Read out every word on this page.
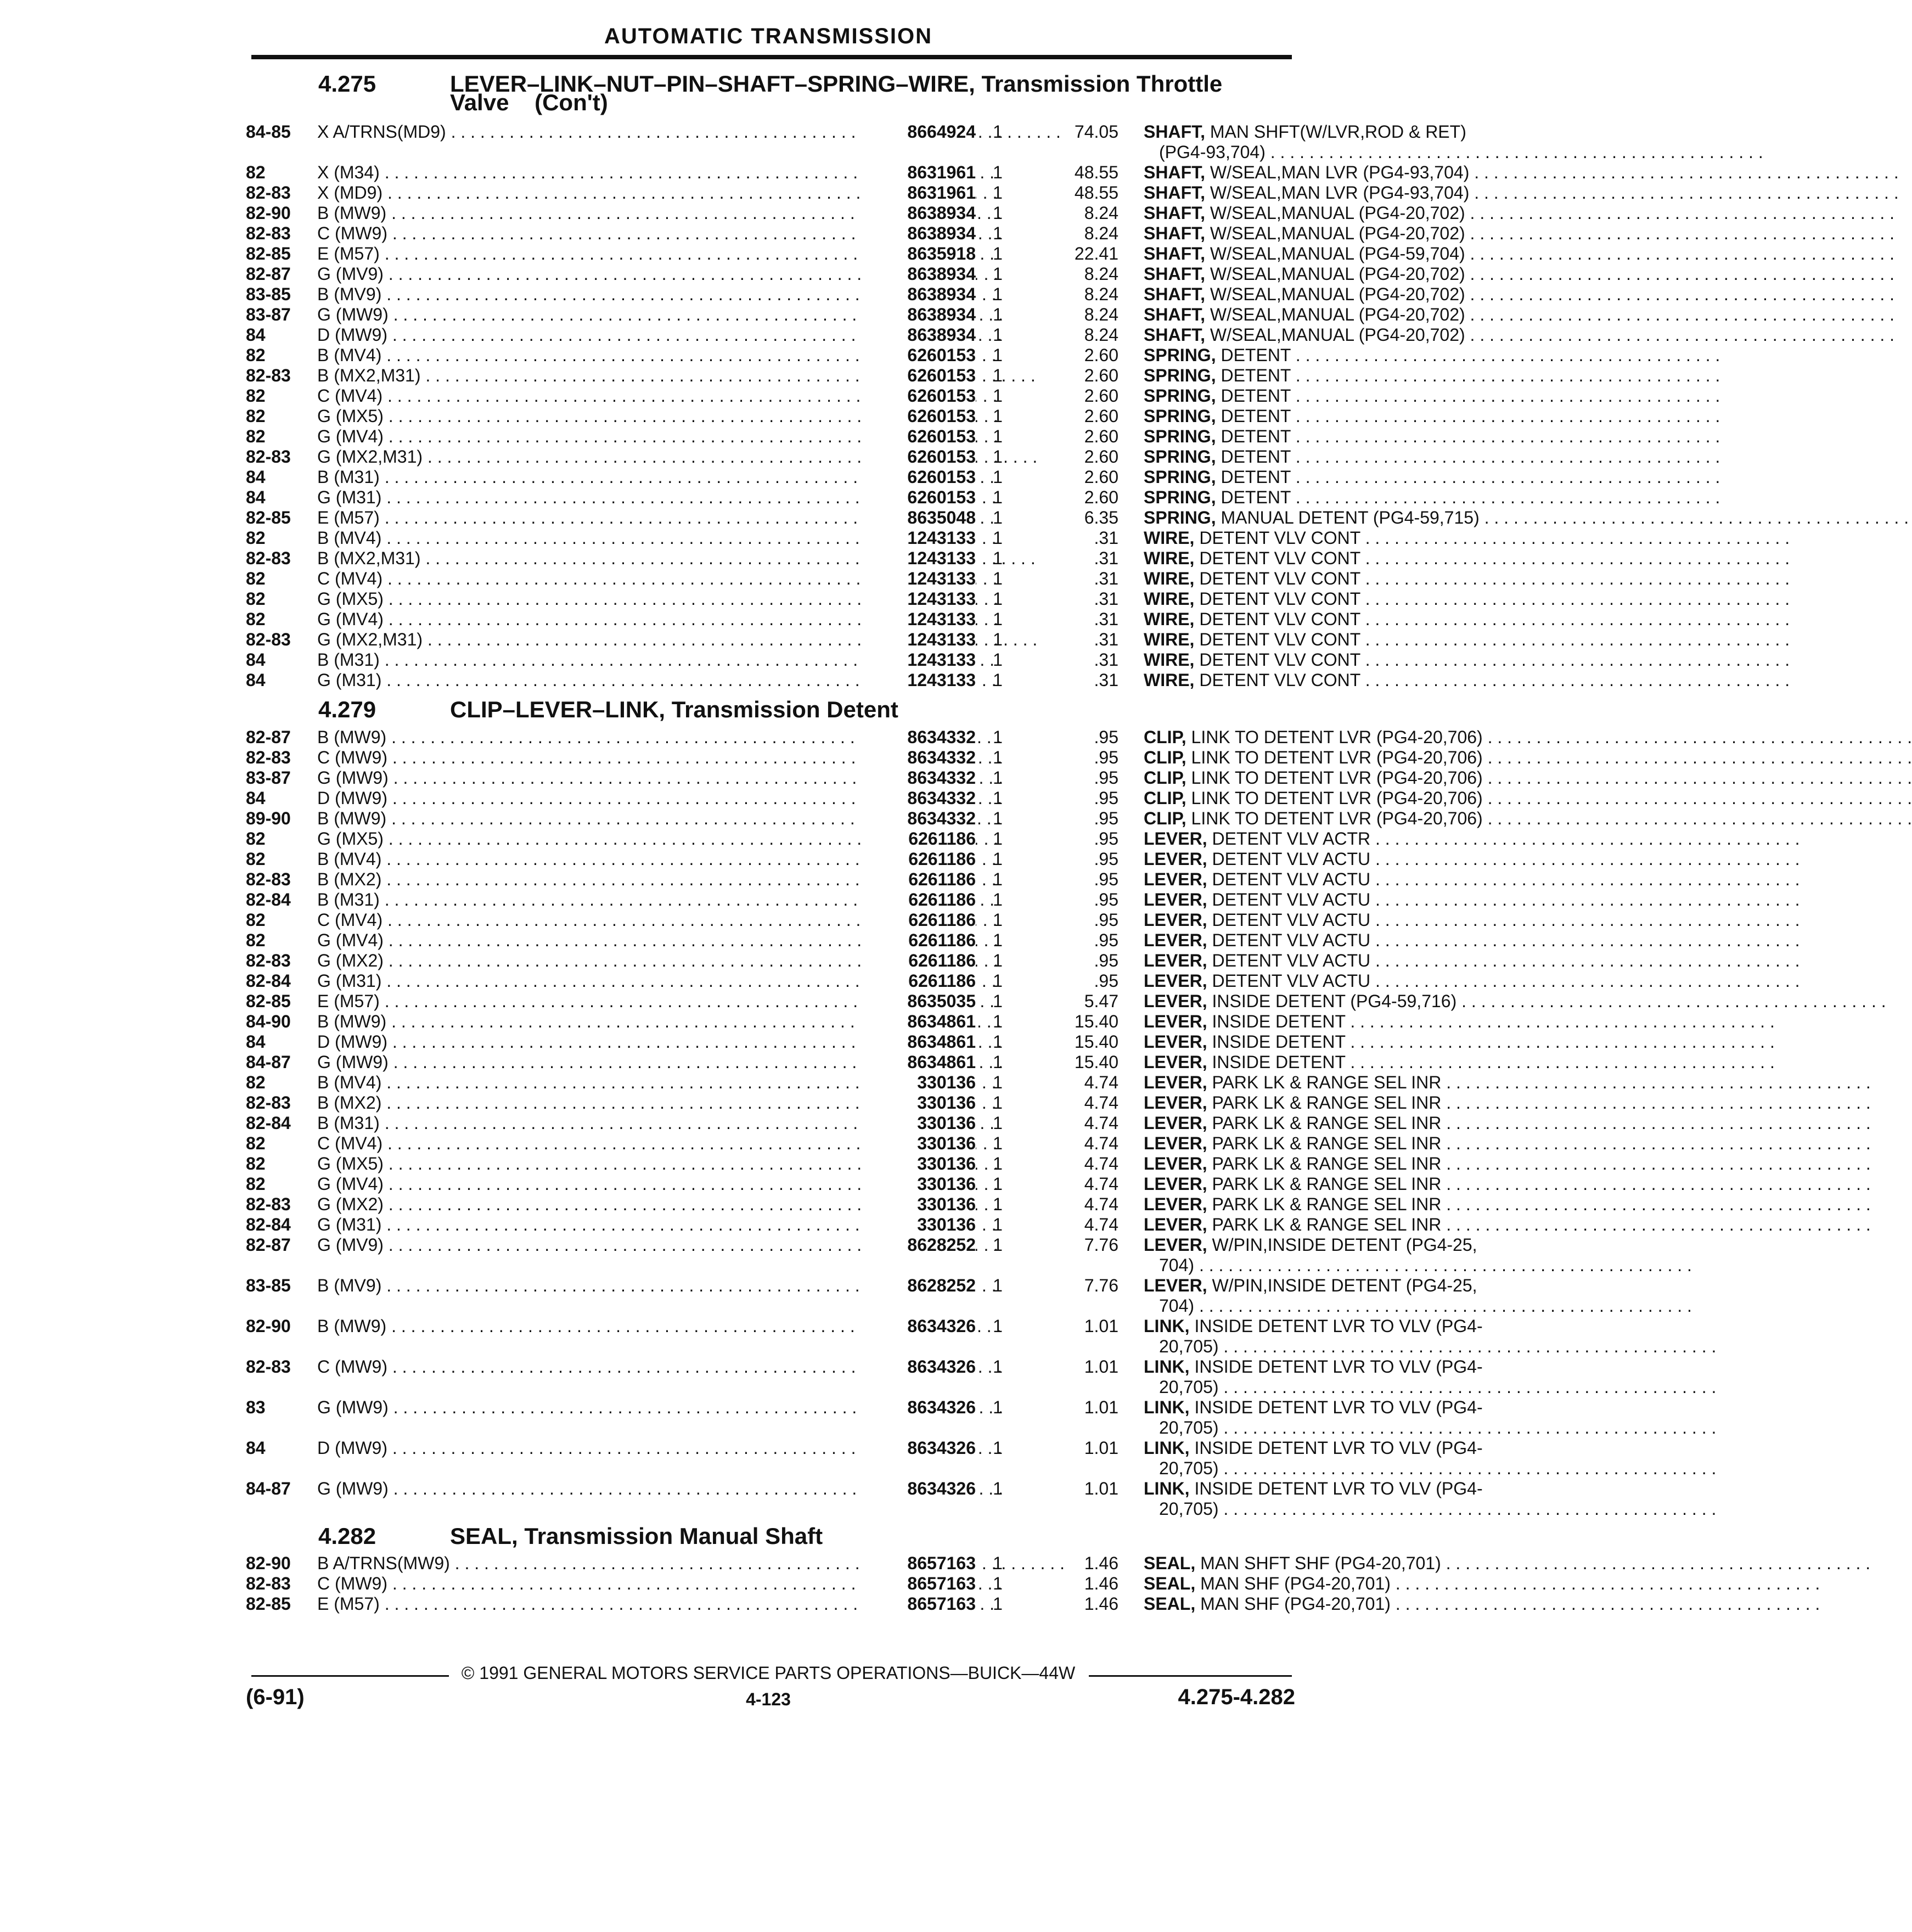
AUTOMATIC TRANSMISSION
4.275	LEVER–LINK–NUT–PIN–SHAFT–SPRING–WIRE, Transmission Throttle
Valve    (Con't)
84-85 X A/TRNS(MD9) . . .	8664924 1	74.05 SHAFT, MAN SHFT(W/LVR,ROD & RET)
(PG4-93,704) . . .
82	X (M34) . . .	8631961 1	48.55 SHAFT, W/SEAL,MAN LVR (PG4-93,704) . . .
82-83 X (MD9) . . .	8631961 1	48.55 SHAFT, W/SEAL,MAN LVR (PG4-93,704) . . .
82-90 B (MW9) . . .	8638934 1	8.24 SHAFT, W/SEAL,MANUAL (PG4-20,702) . . .
82-83 C (MW9) . . .	8638934 1	8.24 SHAFT, W/SEAL,MANUAL (PG4-20,702) . . .
82-85 E (M57) . . .	8635918 1	22.41 SHAFT, W/SEAL,MANUAL (PG4-59,704) . . .
82-87 G (MV9) . . .	8638934 1	8.24 SHAFT, W/SEAL,MANUAL (PG4-20,702) . . .
83-85 B (MV9) . . .	8638934 1	8.24 SHAFT, W/SEAL,MANUAL (PG4-20,702) . . .
83-87 G (MW9) . . .	8638934 1	8.24 SHAFT, W/SEAL,MANUAL (PG4-20,702) . . .
84	D (MW9) . . .	8638934 1	8.24 SHAFT, W/SEAL,MANUAL (PG4-20,702) . . .
82	B (MV4) . . .	6260153 1	2.60 SPRING, DETENT . . .
82-83 B (MX2,M31) . . .	6260153 1	2.60 SPRING, DETENT . . .
82	C (MV4) . . .	6260153 1	2.60 SPRING, DETENT . . .
82	G (MX5) . . .	6260153 1	2.60 SPRING, DETENT . . .
82	G (MV4) . . .	6260153 1	2.60 SPRING, DETENT . . .
82-83 G (MX2,M31) . . .	6260153 1	2.60 SPRING, DETENT . . .
84	B (M31) . . .	6260153 1	2.60 SPRING, DETENT . . .
84	G (M31) . . .	6260153 1	2.60 SPRING, DETENT . . .
82-85 E (M57) . . .	8635048 1	6.35 SPRING, MANUAL DETENT (PG4-59,715) . . .
82	B (MV4) . . .	1243133 1	.31 WIRE, DETENT VLV CONT . . .
82-83 B (MX2,M31) . . .	1243133 1	.31 WIRE, DETENT VLV CONT . . .
82	C (MV4) . . .	1243133 1	.31 WIRE, DETENT VLV CONT . . .
82	G (MX5) . . .	1243133 1	.31 WIRE, DETENT VLV CONT . . .
82	G (MV4) . . .	1243133 1	.31 WIRE, DETENT VLV CONT . . .
82-83 G (MX2,M31) . . .	1243133 1	.31 WIRE, DETENT VLV CONT . . .
84	B (M31) . . .	1243133 1	.31 WIRE, DETENT VLV CONT . . .
84	G (M31) . . .	1243133 1	.31 WIRE, DETENT VLV CONT . . .
4.279	CLIP–LEVER–LINK, Transmission Detent
82-87 B (MW9) . . .	8634332 1	.95 CLIP, LINK TO DETENT LVR (PG4-20,706) . . .
82-83 C (MW9) . . .	8634332 1	.95 CLIP, LINK TO DETENT LVR (PG4-20,706) . . .
83-87 G (MW9) . . .	8634332 1	.95 CLIP, LINK TO DETENT LVR (PG4-20,706) . . .
84	D (MW9) . . .	8634332 1	.95 CLIP, LINK TO DETENT LVR (PG4-20,706) . . .
89-90 B (MW9) . . .	8634332 1	.95 CLIP, LINK TO DETENT LVR (PG4-20,706) . . .
82	G (MX5) . . .	6261186 1	.95 LEVER, DETENT VLV ACTR . . .
82	B (MV4) . . .	6261186 1	.95 LEVER, DETENT VLV ACTU . . .
82-83 B (MX2) . . .	6261186 1	.95 LEVER, DETENT VLV ACTU . . .
82-84 B (M31) . . .	6261186 1	.95 LEVER, DETENT VLV ACTU . . .
82	C (MV4) . . .	6261186 1	.95 LEVER, DETENT VLV ACTU . . .
82	G (MV4) . . .	6261186 1	.95 LEVER, DETENT VLV ACTU . . .
82-83 G (MX2) . . .	6261186 1	.95 LEVER, DETENT VLV ACTU . . .
82-84 G (M31) . . .	6261186 1	.95 LEVER, DETENT VLV ACTU . . .
82-85 E (M57) . . .	8635035 1	5.47 LEVER, INSIDE DETENT (PG4-59,716) . . .
84-90 B (MW9) . . .	8634861 1	15.40 LEVER, INSIDE DETENT . . .
84	D (MW9) . . .	8634861 1	15.40 LEVER, INSIDE DETENT . . .
84-87 G (MW9) . . .	8634861 1	15.40 LEVER, INSIDE DETENT . . .
82	B (MV4) . . .	330136 1	4.74 LEVER, PARK LK & RANGE SEL INR . . .
82-83 B (MX2) . . .	330136 1	4.74 LEVER, PARK LK & RANGE SEL INR . . .
82-84 B (M31) . . .	330136 1	4.74 LEVER, PARK LK & RANGE SEL INR . . .
82	C (MV4) . . .	330136 1	4.74 LEVER, PARK LK & RANGE SEL INR . . .
82	G (MX5) . . .	330136 1	4.74 LEVER, PARK LK & RANGE SEL INR . . .
82	G (MV4) . . .	330136 1	4.74 LEVER, PARK LK & RANGE SEL INR . . .
82-83 G (MX2) . . .	330136 1	4.74 LEVER, PARK LK & RANGE SEL INR . . .
82-84 G (M31) . . .	330136 1	4.74 LEVER, PARK LK & RANGE SEL INR . . .
82-87 G (MV9) . . .	8628252 1	7.76 LEVER, W/PIN,INSIDE DETENT (PG4-25,
704) . . .
83-85 B (MV9) . . .	8628252 1	7.76 LEVER, W/PIN,INSIDE DETENT (PG4-25,
704) . . .
82-90 B (MW9) . . .	8634326 1	1.01 LINK, INSIDE DETENT LVR TO VLV (PG4-
20,705) . . .
82-83 C (MW9) . . .	8634326 1	1.01 LINK, INSIDE DETENT LVR TO VLV (PG4-
20,705) . . .
83	G (MW9) . . .	8634326 1	1.01 LINK, INSIDE DETENT LVR TO VLV (PG4-
20,705) . . .
84	D (MW9) . . .	8634326 1	1.01 LINK, INSIDE DETENT LVR TO VLV (PG4-
20,705) . . .
84-87 G (MW9) . . .	8634326 1	1.01 LINK, INSIDE DETENT LVR TO VLV (PG4-
20,705) . . .
4.282	SEAL, Transmission Manual Shaft
82-90 B A/TRNS(MW9) . . .	8657163 1	1.46 SEAL, MAN SHFT SHF (PG4-20,701) . . .
82-83 C (MW9) . . .	8657163 1	1.46 SEAL, MAN SHF (PG4-20,701) . . .
82-85 E (M57) . . .	8657163 1	1.46 SEAL, MAN SHF (PG4-20,701) . . .
© 1991 GENERAL MOTORS SERVICE PARTS OPERATIONS—BUICK—44W
(6-91)	4-123	4.275-4.282
